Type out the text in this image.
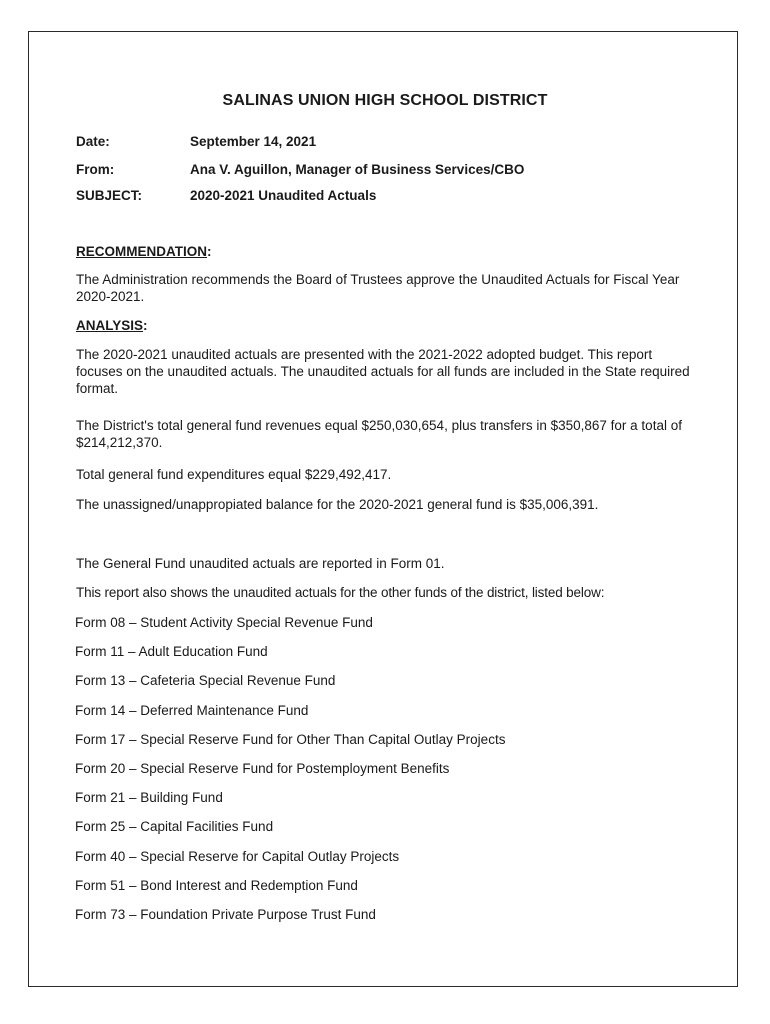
SALINAS UNION HIGH SCHOOL DISTRICT
Date:	September 14, 2021
From:	Ana V. Aguillon, Manager of Business Services/CBO
SUBJECT:	2020-2021 Unaudited Actuals
RECOMMENDATION:
The Administration recommends the Board of Trustees approve the Unaudited Actuals for Fiscal Year 2020-2021.
ANALYSIS:
The 2020-2021 unaudited actuals are presented with the 2021-2022 adopted budget. This report focuses on the unaudited actuals. The unaudited actuals for all funds are included in the State required format.
The District's total general fund revenues equal $250,030,654, plus transfers in $350,867 for a total of $214,212,370.
Total general fund expenditures equal $229,492,417.
The unassigned/unappropiated balance for the 2020-2021 general fund is $35,006,391.
The General Fund unaudited actuals are reported in Form 01.
This report also shows the unaudited actuals for the other funds of the district, listed below:
Form 08 – Student Activity Special Revenue Fund
Form 11 – Adult Education Fund
Form 13 – Cafeteria Special Revenue Fund
Form 14 – Deferred Maintenance Fund
Form 17 – Special Reserve Fund for Other Than Capital Outlay Projects
Form 20 – Special Reserve Fund for Postemployment Benefits
Form 21 – Building Fund
Form 25 – Capital Facilities Fund
Form 40 – Special Reserve for Capital Outlay Projects
Form 51 – Bond Interest and Redemption Fund
Form 73 – Foundation Private Purpose Trust Fund
